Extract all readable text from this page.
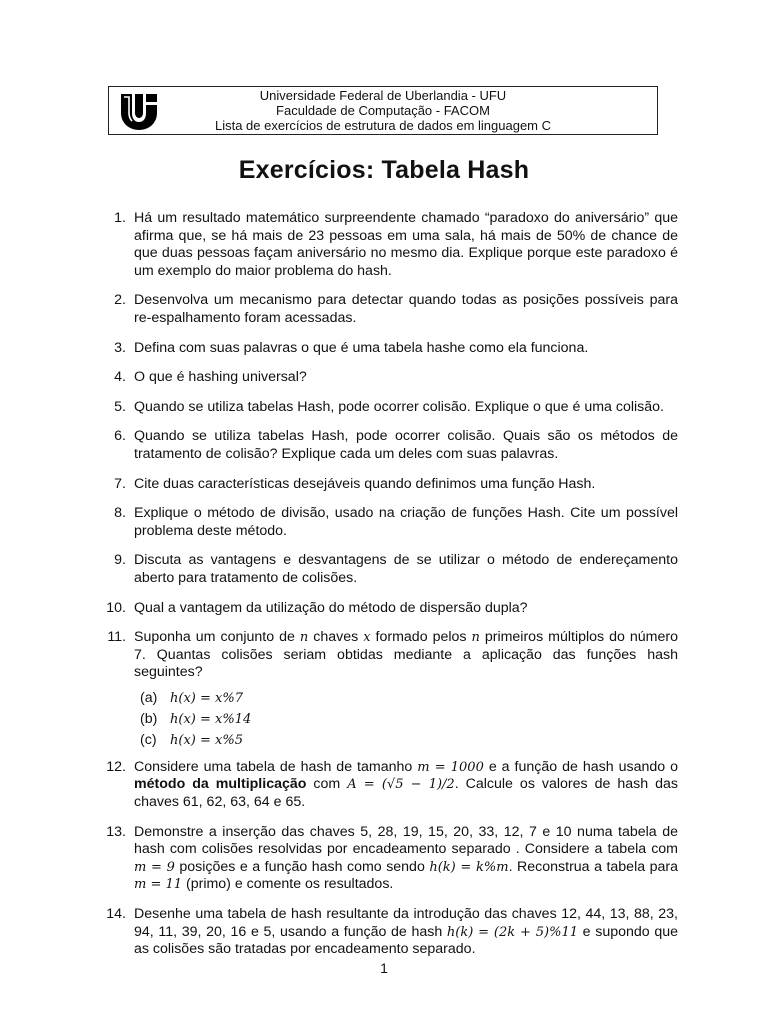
Universidade Federal de Uberlandia - UFU
Faculdade de Computação - FACOM
Lista de exercícios de estrutura de dados em linguagem C
Exercícios: Tabela Hash
1. Há um resultado matemático surpreendente chamado “paradoxo do aniversário” que afirma que, se há mais de 23 pessoas em uma sala, há mais de 50% de chance de que duas pessoas façam aniversário no mesmo dia. Explique porque este paradoxo é um exemplo do maior problema do hash.
2. Desenvolva um mecanismo para detectar quando todas as posições possíveis para re-espalhamento foram acessadas.
3. Defina com suas palavras o que é uma tabela hashe como ela funciona.
4. O que é hashing universal?
5. Quando se utiliza tabelas Hash, pode ocorrer colisão. Explique o que é uma colisão.
6. Quando se utiliza tabelas Hash, pode ocorrer colisão. Quais são os métodos de tratamento de colisão? Explique cada um deles com suas palavras.
7. Cite duas características desejáveis quando definimos uma função Hash.
8. Explique o método de divisão, usado na criação de funções Hash. Cite um possível problema deste método.
9. Discuta as vantagens e desvantagens de se utilizar o método de endereçamento aberto para tratamento de colisões.
10. Qual a vantagem da utilização do método de dispersão dupla?
11. Suponha um conjunto de n chaves x formado pelos n primeiros múltiplos do número 7. Quantas colisões seriam obtidas mediante a aplicação das funções hash seguintes?
(a) h(x) = x%7
(b) h(x) = x%14
(c) h(x) = x%5
12. Considere uma tabela de hash de tamanho m = 1000 e a função de hash usando o método da multiplicação com A = (√5 − 1)/2. Calcule os valores de hash das chaves 61, 62, 63, 64 e 65.
13. Demonstre a inserção das chaves 5, 28, 19, 15, 20, 33, 12, 7 e 10 numa tabela de hash com colisões resolvidas por encadeamento separado . Considere a tabela com m = 9 posições e a função hash como sendo h(k) = k%m. Reconstrua a tabela para m = 11 (primo) e comente os resultados.
14. Desenhe uma tabela de hash resultante da introdução das chaves 12, 44, 13, 88, 23, 94, 11, 39, 20, 16 e 5, usando a função de hash h(k) = (2k + 5)%11 e supondo que as colisões são tratadas por encadeamento separado.
1
